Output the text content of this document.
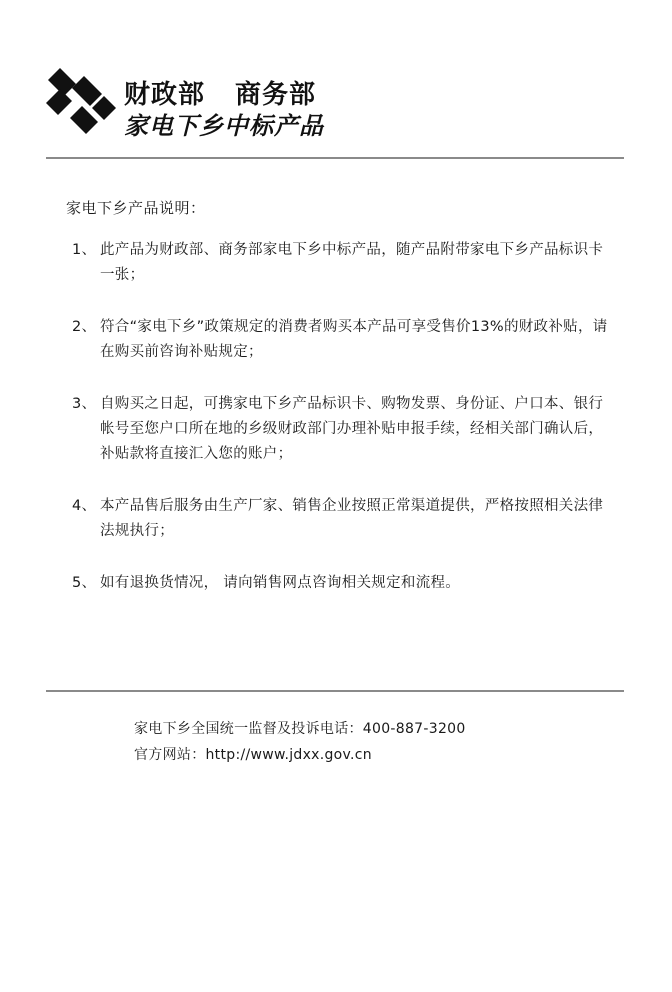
财政部 商务部
家电下乡中标产品
家电下乡产品说明：
1、 此产品为财政部、商务部家电下乡中标产品，随产品附带家电下乡产品标识卡一张；
2、 符合“家电下乡”政策规定的消费者购买本产品可享受售价13%的财政补贴，请在购买前咨询补贴规定；
3、 自购买之日起，可携家电下乡产品标识卡、购物发票、身份证、户口本、银行帐号至您户口所在地的乡级财政部门办理补贴申报手续，经相关部门确认后，补贴款将直接汇入您的账户；
4、 本产品售后服务由生产厂家、销售企业按照正常渠道提供，严格按照相关法律法规执行；
5、 如有退换货情况， 请向销售网点咨询相关规定和流程。
家电下乡全国统一监督及投诉电话：400-887-3200
官方网站：http://www.jdxx.gov.cn
